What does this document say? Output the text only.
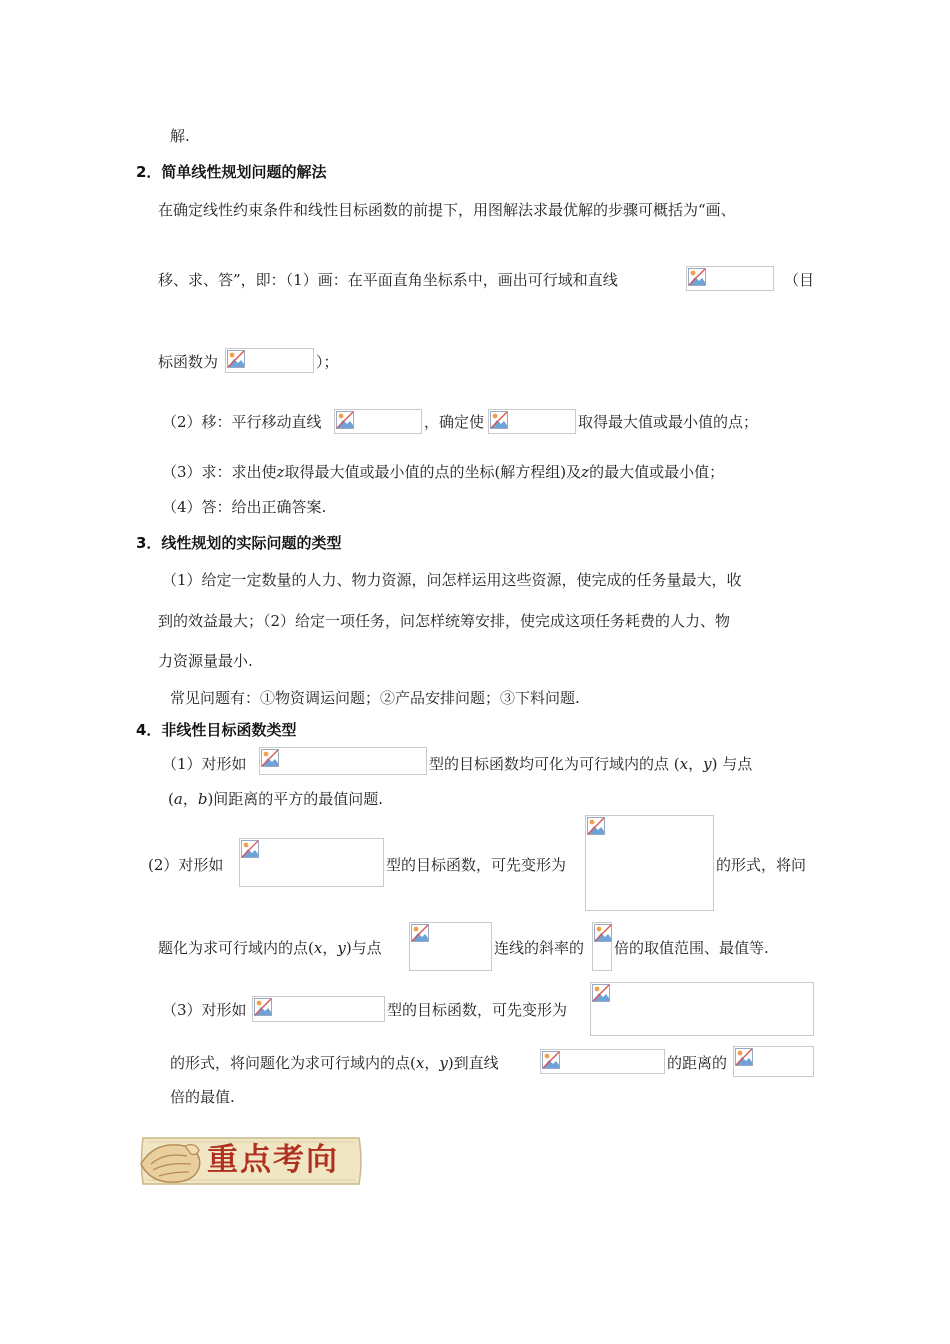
解.
2．简单线性规划问题的解法
在确定线性约束条件和线性目标函数的前提下，用图解法求最优解的步骤可概括为“画、
移、求、答”，即：（1）画：在平面直角坐标系中，画出可行域和直线	（目
标函数为	）；
（2）移：平行移动直线	，确定使	取得最大值或最小值的点；
（3）求：求出使z取得最大值或最小值的点的坐标(解方程组)及z的最大值或最小值；
（4）答：给出正确答案.
3．线性规划的实际问题的类型
（1）给定一定数量的人力、物力资源，问怎样运用这些资源，使完成的任务量最大，收
到的效益最大；（2）给定一项任务，问怎样统筹安排，使完成这项任务耗费的人力、物
力资源量最小.
常见问题有：①物资调运问题；②产品安排问题；③下料问题.
4．非线性目标函数类型
（1）对形如	型的目标函数均可化为可行域内的点 (x，y) 与点
(a，b)间距离的平方的最值问题.
(2）对形如	型的目标函数，可先变形为	的形式，将问
题化为求可行域内的点(x，y)与点	连线的斜率的 倍的取值范围、最值等.
（3）对形如	型的目标函数，可先变形为
的形式，将问题化为求可行域内的点(x，y)到直线	的距离的
倍的最值.
重点考向
